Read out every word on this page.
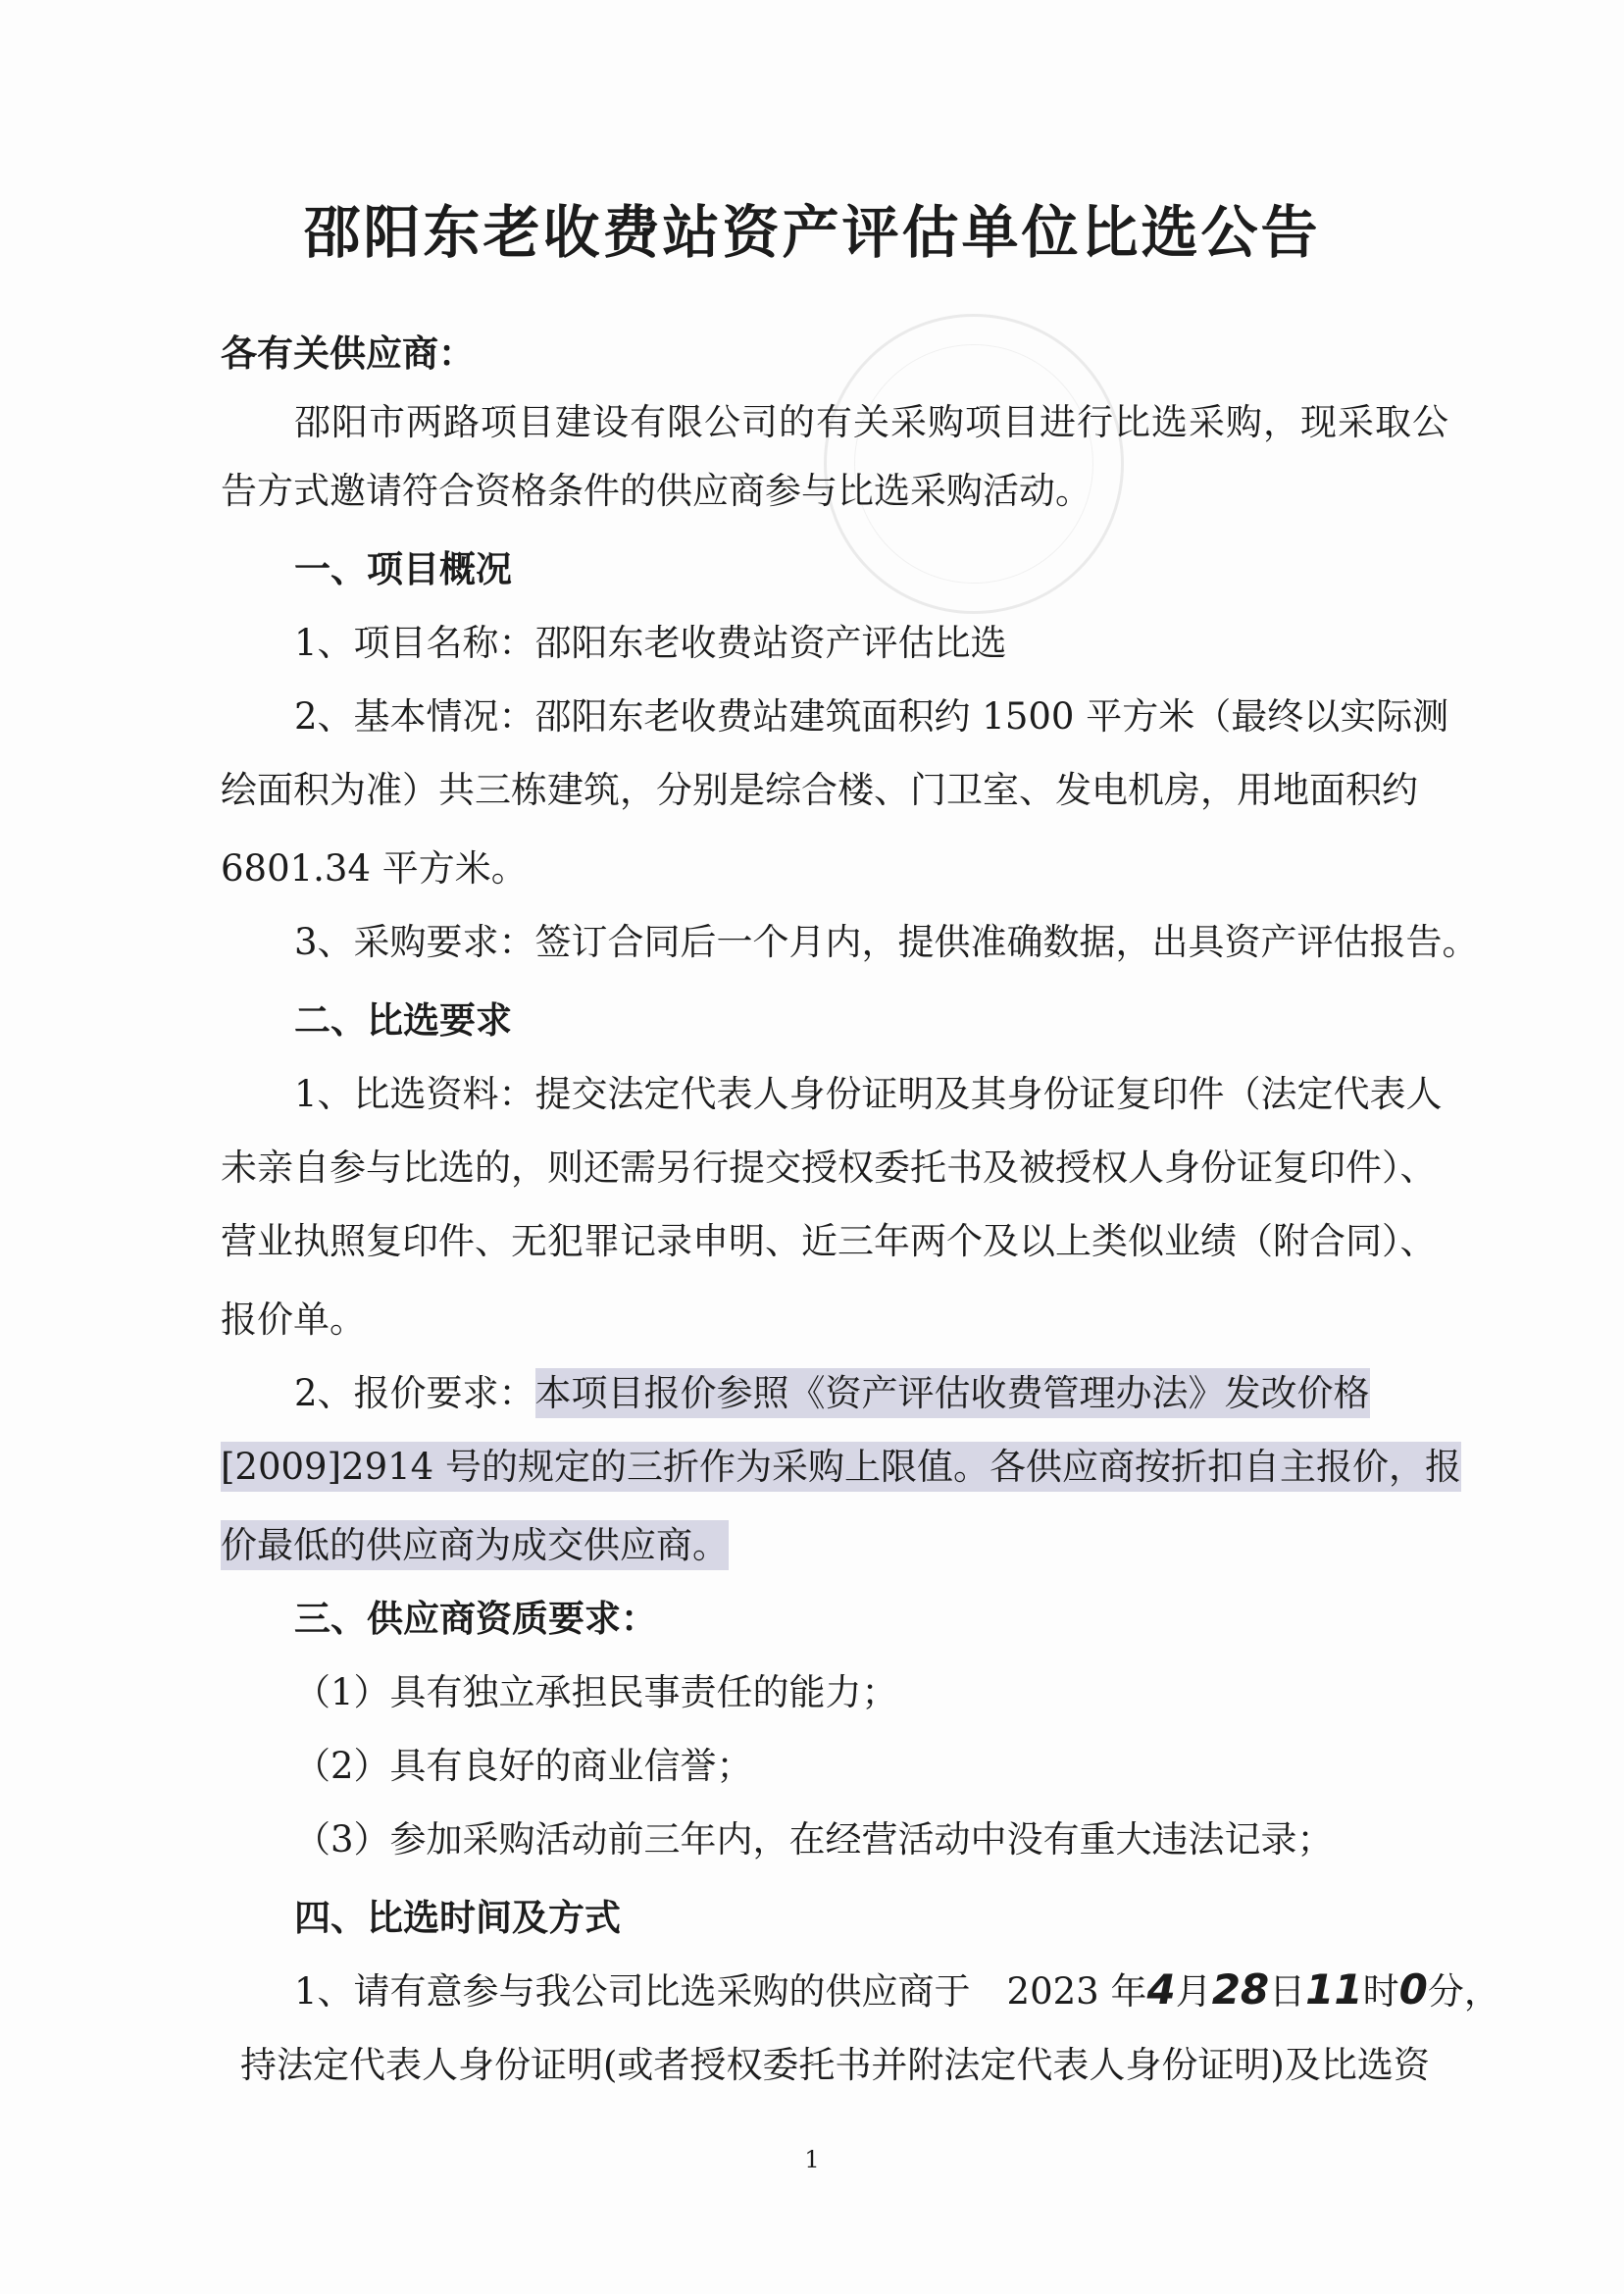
邵阳东老收费站资产评估单位比选公告
各有关供应商：
邵阳市两路项目建设有限公司的有关采购项目进行比选采购，现采取公
告方式邀请符合资格条件的供应商参与比选采购活动。
一、项目概况
1、项目名称：邵阳东老收费站资产评估比选
2、基本情况：邵阳东老收费站建筑面积约 1500 平方米（最终以实际测
绘面积为准）共三栋建筑，分别是综合楼、门卫室、发电机房，用地面积约
6801.34 平方米。
3、采购要求：签订合同后一个月内，提供准确数据，出具资产评估报告。
二、比选要求
1、比选资料：提交法定代表人身份证明及其身份证复印件（法定代表人
未亲自参与比选的，则还需另行提交授权委托书及被授权人身份证复印件）、
营业执照复印件、无犯罪记录申明、近三年两个及以上类似业绩（附合同）、
报价单。
2、报价要求：本项目报价参照《资产评估收费管理办法》发改价格
[2009]2914 号的规定的三折作为采购上限值。各供应商按折扣自主报价，报
价最低的供应商为成交供应商。
三、供应商资质要求：
（1）具有独立承担民事责任的能力；
（2）具有良好的商业信誉；
（3）参加采购活动前三年内，在经营活动中没有重大违法记录；
四、比选时间及方式
1、请有意参与我公司比选采购的供应商于　2023 年4月28日11时0分，
持法定代表人身份证明(或者授权委托书并附法定代表人身份证明)及比选资
1
